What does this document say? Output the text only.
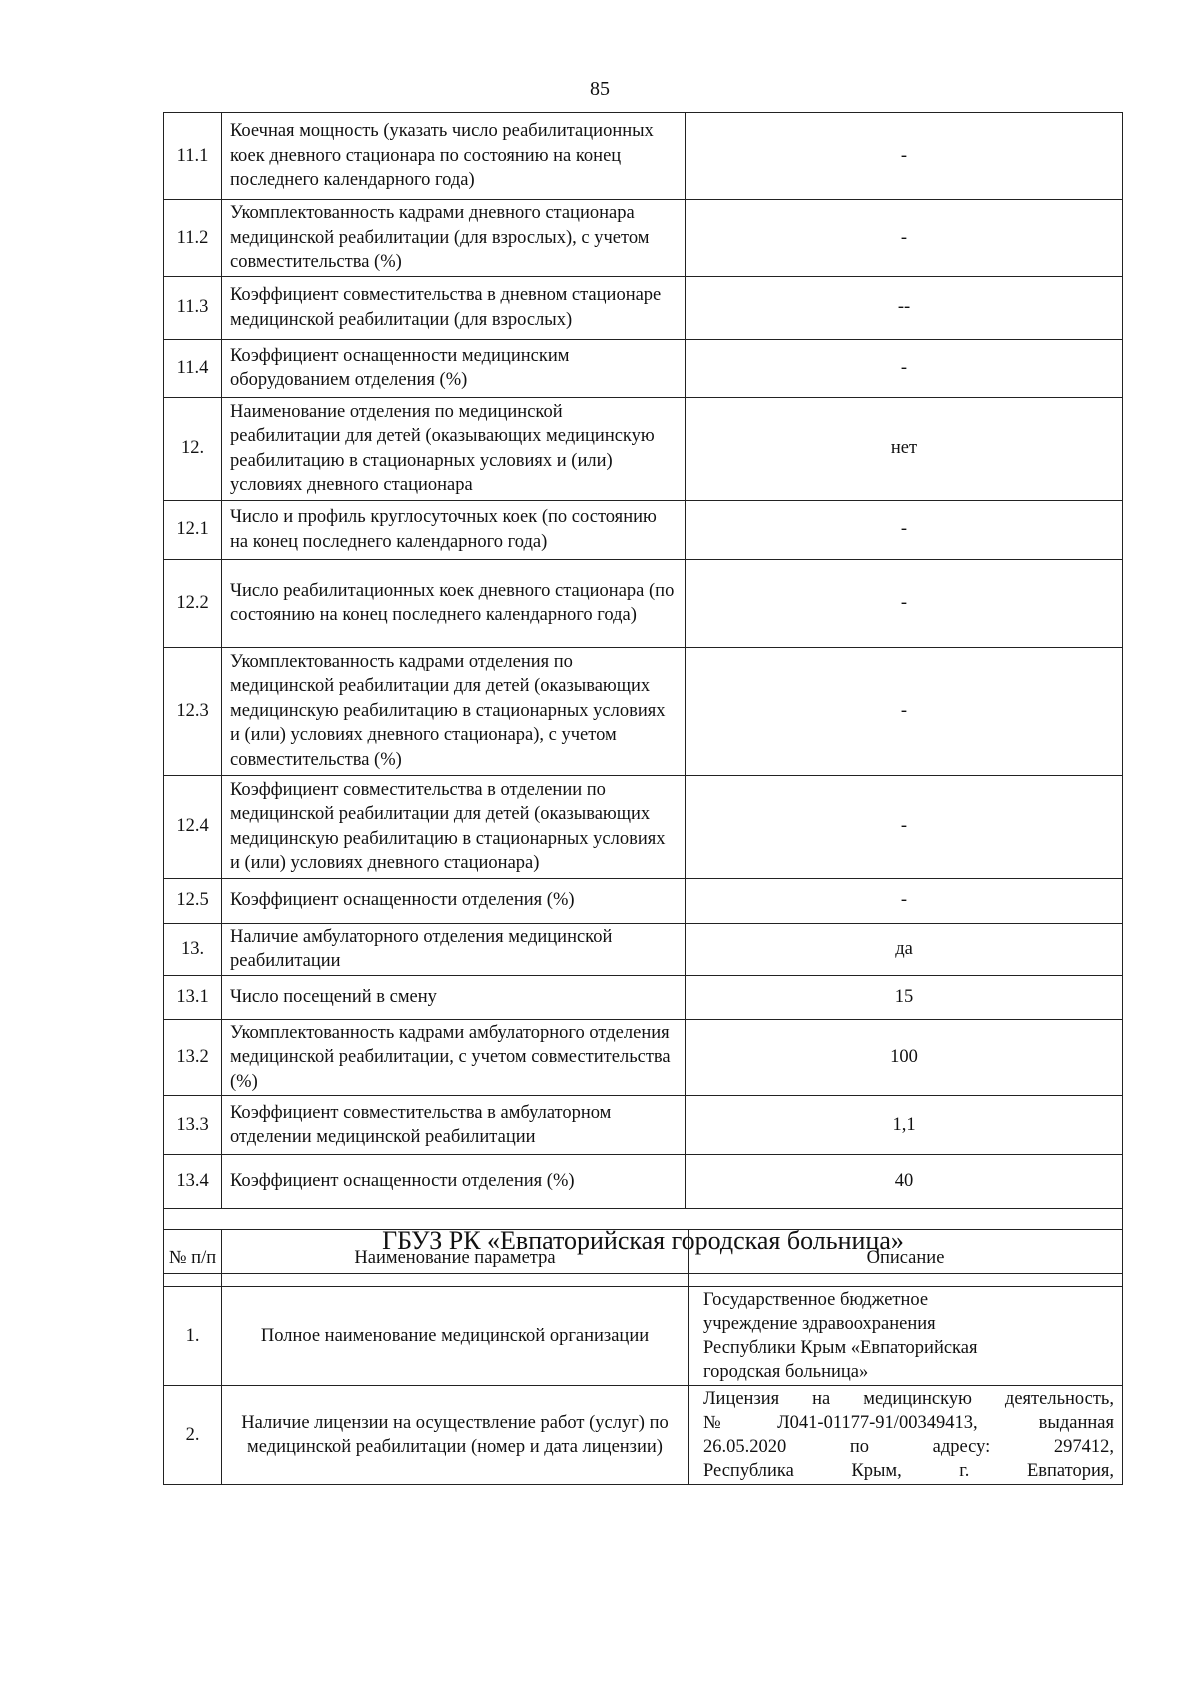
85
11.1	Коечная мощность (указать число реабилитационных коек дневного стационара по состоянию на конец последнего календарного года)	-
11.2	Укомплектованность кадрами дневного стационара медицинской реабилитации (для взрослых), с учетом совместительства (%)	-
11.3	Коэффициент совместительства в дневном стационаре медицинской реабилитации (для взрослых)	--
11.4	Коэффициент оснащенности медицинским оборудованием отделения (%)	-
12.	Наименование отделения по медицинской реабилитации для детей (оказывающих медицинскую реабилитацию в стационарных условиях и (или) условиях дневного стационара	нет
12.1	Число и профиль круглосуточных коек (по состоянию на конец последнего календарного года)	-
12.2	Число реабилитационных коек дневного стационара (по состоянию на конец последнего календарного года)	-
12.3	Укомплектованность кадрами отделения по медицинской реабилитации для детей (оказывающих медицинскую реабилитацию в стационарных условиях и (или) условиях дневного стационара), с учетом совместительства (%)	-
12.4	Коэффициент совместительства в отделении по медицинской реабилитации для детей (оказывающих медицинскую реабилитацию в стационарных условиях и (или) условиях дневного стационара)	-
12.5	Коэффициент оснащенности отделения (%)	-
13.	Наличие амбулаторного отделения медицинской реабилитации	да
13.1	Число посещений в смену	15
13.2	Укомплектованность кадрами амбулаторного отделения медицинской реабилитации, с учетом совместительства (%)	100
13.3	Коэффициент совместительства в амбулаторном отделении медицинской реабилитации	1,1
13.4	Коэффициент оснащенности отделения (%)	40
ГБУЗ РК «Евпаторийская городская больница»		
№ п/п	Наименование параметра	Описание
1.	Полное наименование медицинской организации	Государственное бюджетное
учреждение здравоохранения
Республики Крым «Евпаторийская
городская больница»

2.	Наличие лицензии на осуществление работ (услуг) по медицинской реабилитации (номер и дата лицензии)	Лицензия на медицинскую деятельность,
№Л041-01177-91/00349413, выданная
26.05.2020 по адресу: 297412,
Республика Крым, г. Евпатория,
